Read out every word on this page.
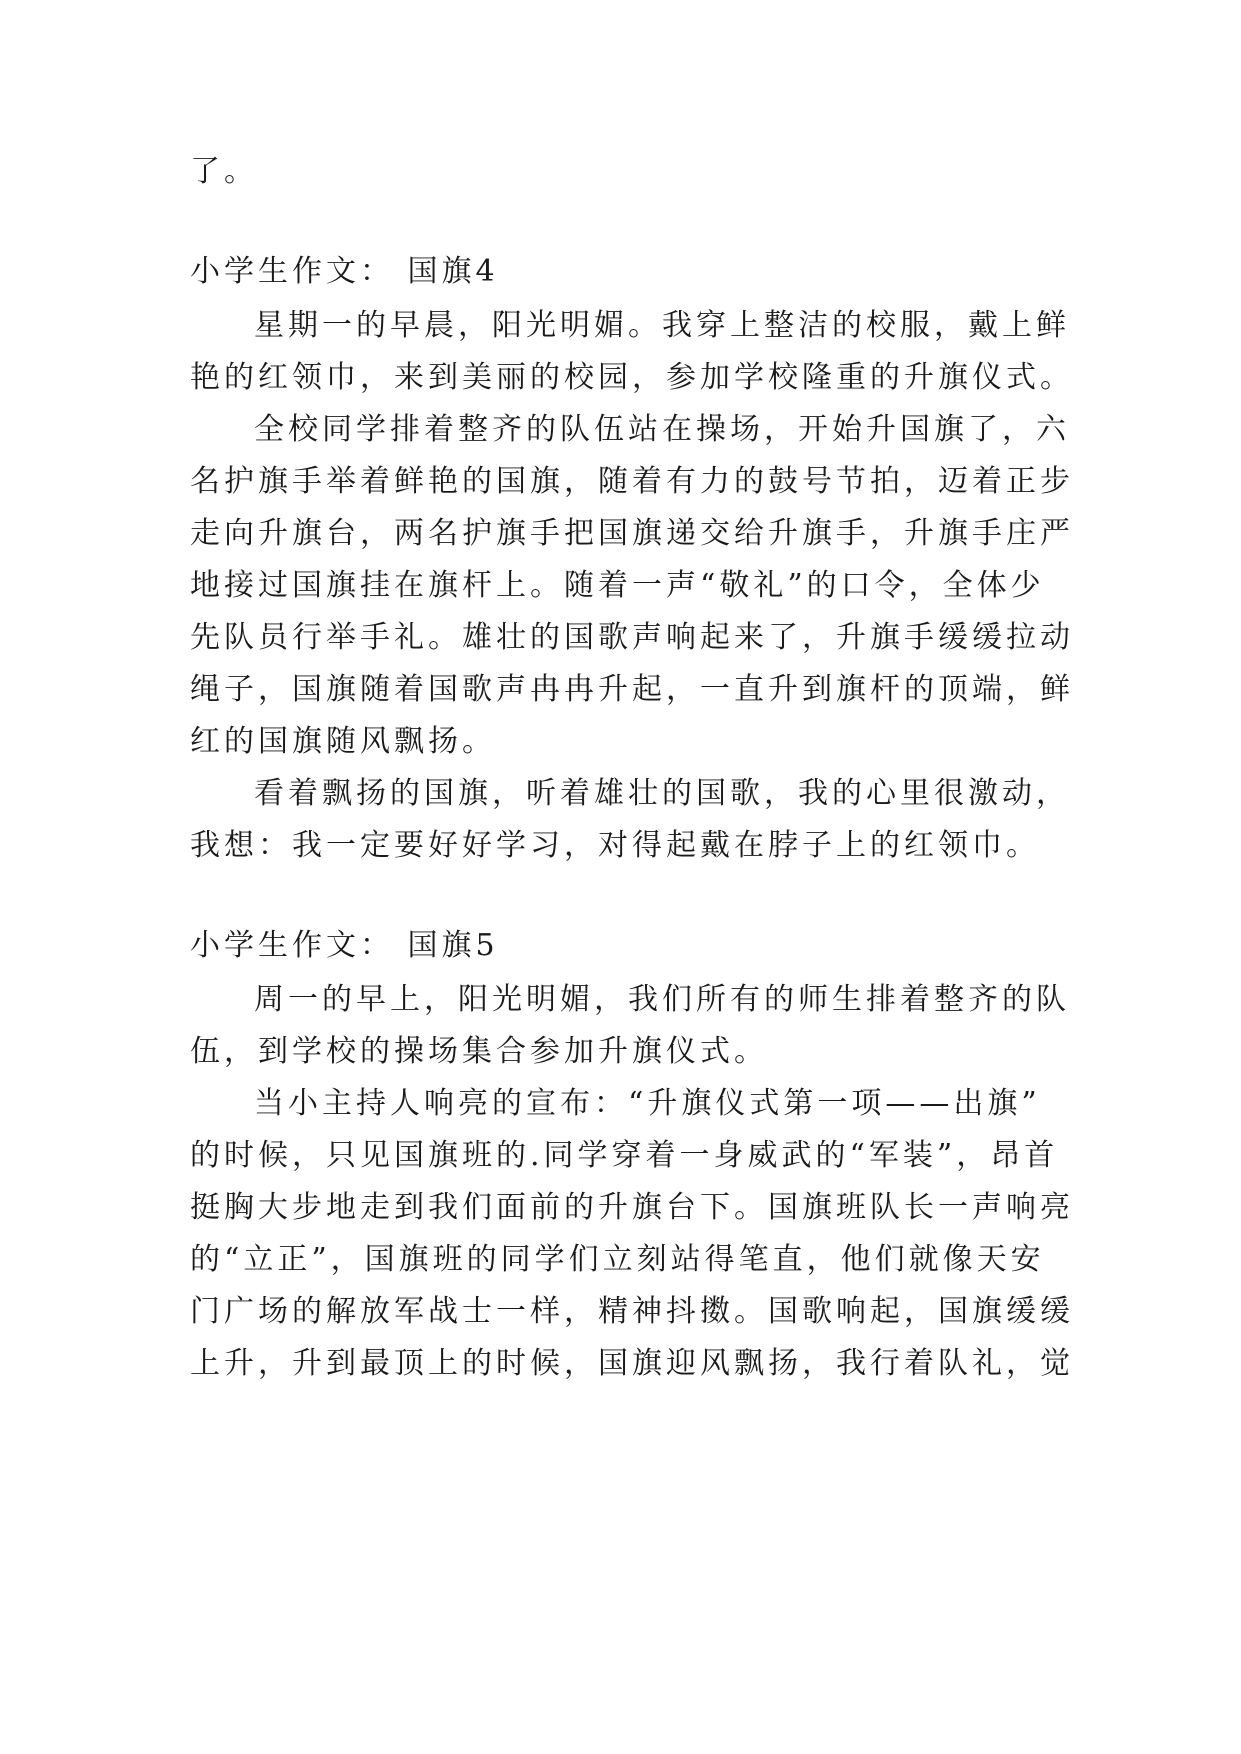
了。
小学生作文： 国旗4
星期一的早晨，阳光明媚。我穿上整洁的校服，戴上鲜
艳的红领巾，来到美丽的校园，参加学校隆重的升旗仪式。
全校同学排着整齐的队伍站在操场，开始升国旗了，六
名护旗手举着鲜艳的国旗，随着有力的鼓号节拍，迈着正步
走向升旗台，两名护旗手把国旗递交给升旗手，升旗手庄严
地接过国旗挂在旗杆上。随着一声“敬礼”的口令，全体少
先队员行举手礼。雄壮的国歌声响起来了，升旗手缓缓拉动
绳子，国旗随着国歌声冉冉升起，一直升到旗杆的顶端，鲜
红的国旗随风飘扬。
看着飘扬的国旗，听着雄壮的国歌，我的心里很激动，
我想：我一定要好好学习，对得起戴在脖子上的红领巾。
小学生作文： 国旗5
周一的早上，阳光明媚，我们所有的师生排着整齐的队
伍，到学校的操场集合参加升旗仪式。
当小主持人响亮的宣布：“升旗仪式第一项——出旗”
的时候，只见国旗班的.同学穿着一身威武的“军装”，昂首
挺胸大步地走到我们面前的升旗台下。国旗班队长一声响亮
的“立正”，国旗班的同学们立刻站得笔直，他们就像天安
门广场的解放军战士一样，精神抖擞。国歌响起，国旗缓缓
上升，升到最顶上的时候，国旗迎风飘扬，我行着队礼，觉
